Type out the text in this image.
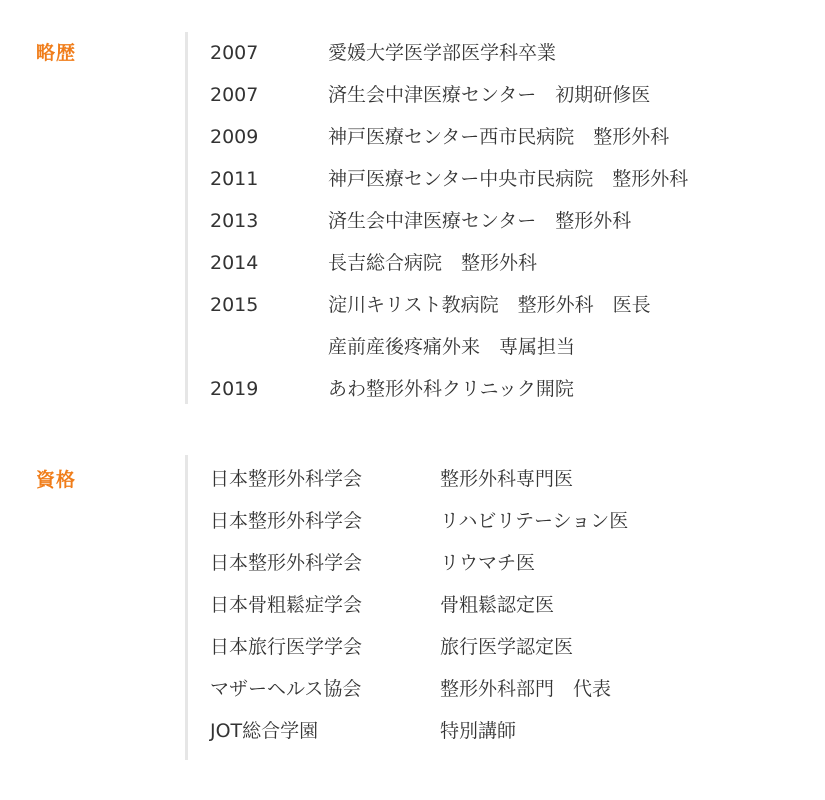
略歴	2007	愛媛大学医学部医学科卒業
2007	済生会中津医療センター　初期研修医
2009	神戸医療センター西市民病院　整形外科
2011	神戸医療センター中央市民病院　整形外科
2013	済生会中津医療センター　整形外科
2014	長吉総合病院　整形外科
2015	淀川キリスト教病院　整形外科　医長
産前産後疼痛外来　専属担当
2019	あわ整形外科クリニック開院
資格	日本整形外科学会	整形外科専門医
日本整形外科学会	リハビリテーション医
日本整形外科学会	リウマチ医
日本骨粗鬆症学会	骨粗鬆認定医
日本旅行医学学会	旅行医学認定医
マザーヘルス協会	整形外科部門　代表
JOT総合学園	特別講師
